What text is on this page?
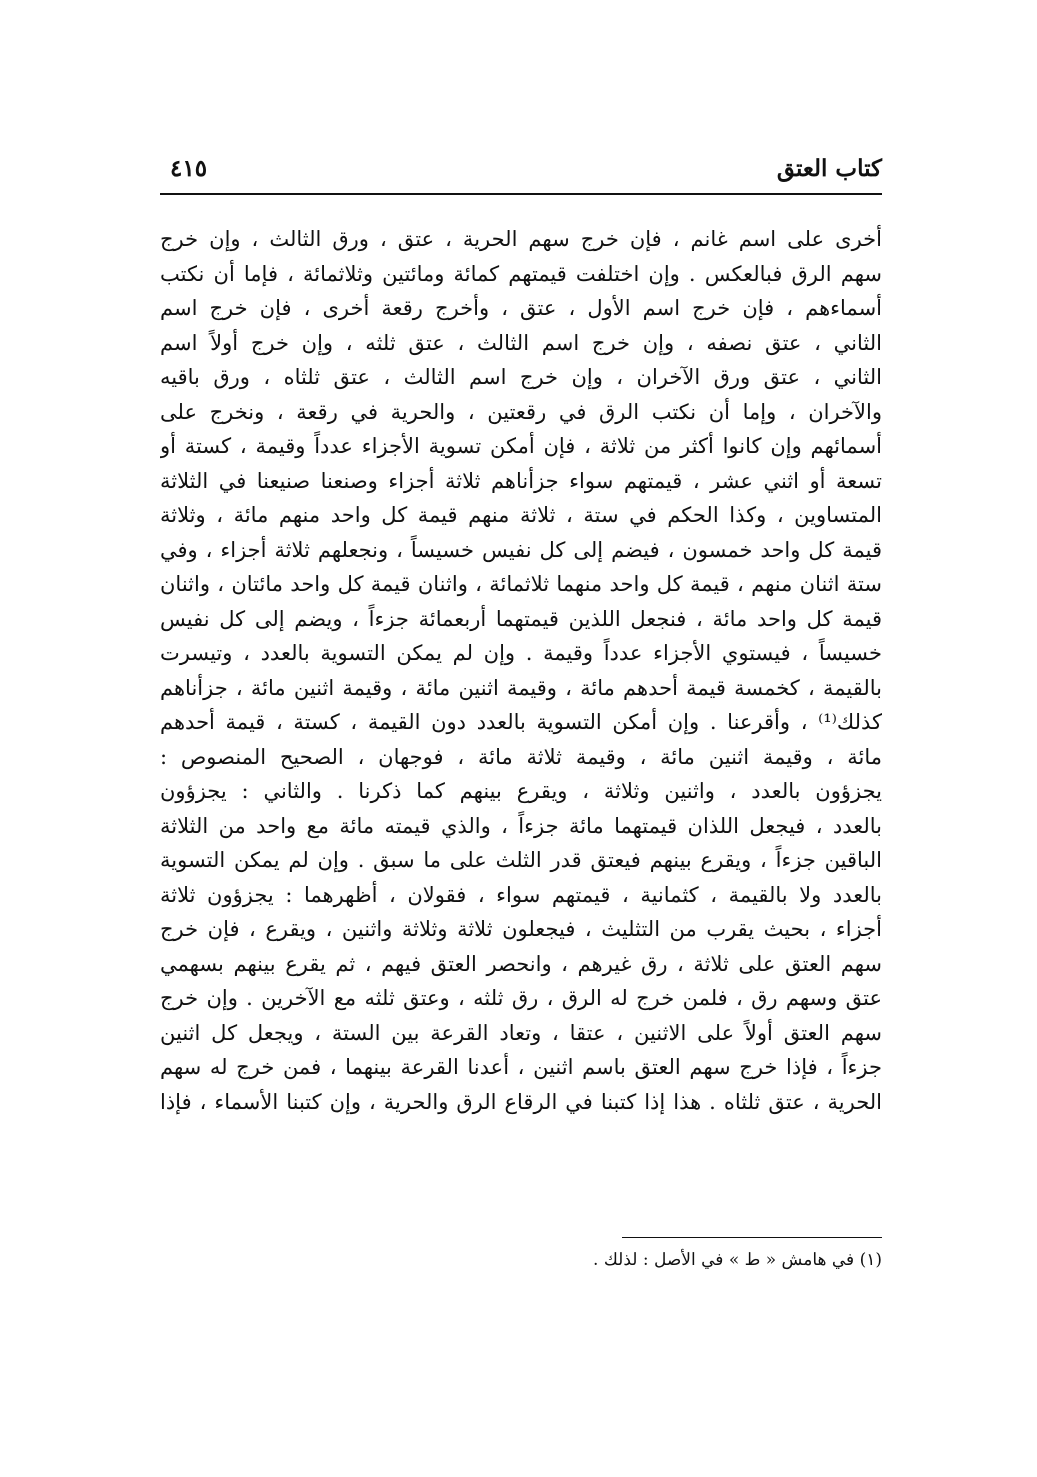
كتاب العتق
٤١٥
أخرى على اسم غانم ، فإن خرج سهم الحرية ، عتق ، ورق الثالث ، وإن خرج
سهم الرق فبالعكس . وإن اختلفت قيمتهم كمائة ومائتين وثلاثمائة ، فإما أن نكتب
أسماءهم ، فإن خرج اسم الأول ، عتق ، وأخرج رقعة أخرى ، فإن خرج اسم
الثاني ، عتق نصفه ، وإن خرج اسم الثالث ، عتق ثلثه ، وإن خرج أولاً اسم
الثاني ، عتق ورق الآخران ، وإن خرج اسم الثالث ، عتق ثلثاه ، ورق باقيه
والآخران ، وإما أن نكتب الرق في رقعتين ، والحرية في رقعة ، ونخرج على
أسمائهم وإن كانوا أكثر من ثلاثة ، فإن أمكن تسوية الأجزاء عدداً وقيمة ، كستة أو
تسعة أو اثني عشر ، قيمتهم سواء جزأناهم ثلاثة أجزاء وصنعنا صنيعنا في الثلاثة
المتساوين ، وكذا الحكم في ستة ، ثلاثة منهم قيمة كل واحد منهم مائة ، وثلاثة
قيمة كل واحد خمسون ، فيضم إلى كل نفيس خسيساً ، ونجعلهم ثلاثة أجزاء ، وفي
ستة اثنان منهم ، قيمة كل واحد منهما ثلاثمائة ، واثنان قيمة كل واحد مائتان ، واثنان
قيمة كل واحد مائة ، فنجعل اللذين قيمتهما أربعمائة جزءاً ، ويضم إلى كل نفيس
خسيساً ، فيستوي الأجزاء عدداً وقيمة . وإن لم يمكن التسوية بالعدد ، وتيسرت
بالقيمة ، كخمسة قيمة أحدهم مائة ، وقيمة اثنين مائة ، وقيمة اثنين مائة ، جزأناهم
كذلك⁽¹⁾ ، وأقرعنا . وإن أمكن التسوية بالعدد دون القيمة ، كستة ، قيمة أحدهم
مائة ، وقيمة اثنين مائة ، وقيمة ثلاثة مائة ، فوجهان ، الصحيح المنصوص :
يجزؤون بالعدد ، واثنين وثلاثة ، ويقرع بينهم كما ذكرنا . والثاني : يجزؤون
بالعدد ، فيجعل اللذان قيمتهما مائة جزءاً ، والذي قيمته مائة مع واحد من الثلاثة
الباقين جزءاً ، ويقرع بينهم فيعتق قدر الثلث على ما سبق . وإن لم يمكن التسوية
بالعدد ولا بالقيمة ، كثمانية ، قيمتهم سواء ، فقولان ، أظهرهما : يجزؤون ثلاثة
أجزاء ، بحيث يقرب من التثليث ، فيجعلون ثلاثة وثلاثة واثنين ، ويقرع ، فإن خرج
سهم العتق على ثلاثة ، رق غيرهم ، وانحصر العتق فيهم ، ثم يقرع بينهم بسهمي
عتق وسهم رق ، فلمن خرج له الرق ، رق ثلثه ، وعتق ثلثه مع الآخرين . وإن خرج
سهم العتق أولاً على الاثنين ، عتقا ، وتعاد القرعة بين الستة ، ويجعل كل اثنين
جزءاً ، فإذا خرج سهم العتق باسم اثنين ، أعدنا القرعة بينهما ، فمن خرج له سهم
الحرية ، عتق ثلثاه . هذا إذا كتبنا في الرقاع الرق والحرية ، وإن كتبنا الأسماء ، فإذا
(١) في هامش « ط » في الأصل : لذلك .
